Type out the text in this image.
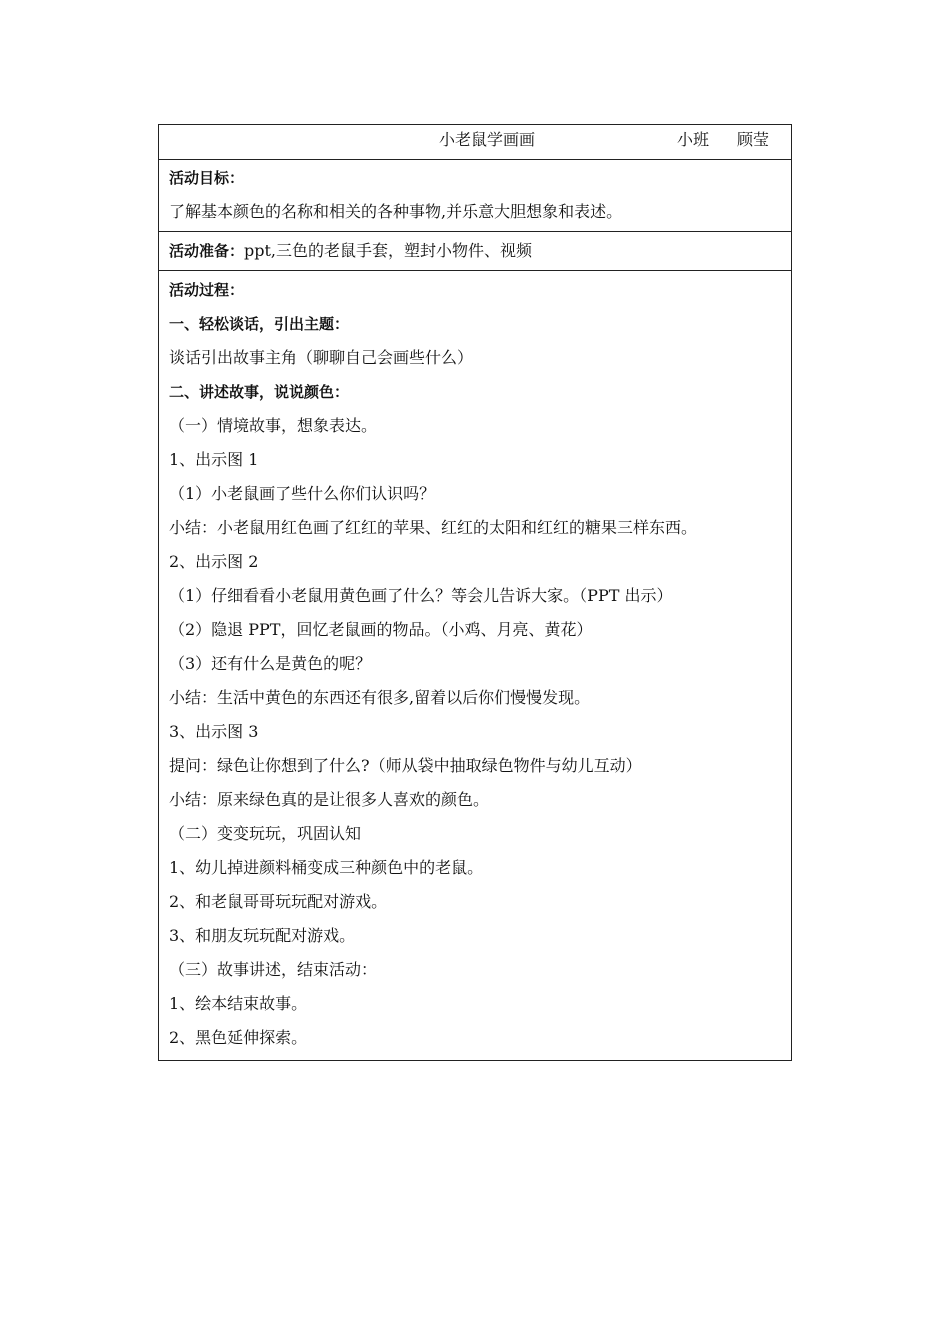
小老鼠学画画	小班 顾莹
活动目标：
了解基本颜色的名称和相关的各种事物,并乐意大胆想象和表述。
活动准备：ppt,三色的老鼠手套，塑封小物件、视频
活动过程：
一、轻松谈话，引出主题：
谈话引出故事主角（聊聊自己会画些什么）
二、讲述故事，说说颜色：
（一）情境故事，想象表达。
1、出示图 1
（1）小老鼠画了些什么你们认识吗？
小结：小老鼠用红色画了红红的苹果、红红的太阳和红红的糖果三样东西。
2、出示图 2
（1）仔细看看小老鼠用黄色画了什么？等会儿告诉大家。（PPT 出示）
（2）隐退 PPT，回忆老鼠画的物品。（小鸡、月亮、黄花）
（3）还有什么是黄色的呢？
小结：生活中黄色的东西还有很多,留着以后你们慢慢发现。
3、出示图 3
提问：绿色让你想到了什么?（师从袋中抽取绿色物件与幼儿互动）
小结：原来绿色真的是让很多人喜欢的颜色。
（二）变变玩玩，巩固认知
1、幼儿掉进颜料桶变成三种颜色中的老鼠。
2、和老鼠哥哥玩玩配对游戏。
3、和朋友玩玩配对游戏。
（三）故事讲述，结束活动：
1、绘本结束故事。
2、黑色延伸探索。
